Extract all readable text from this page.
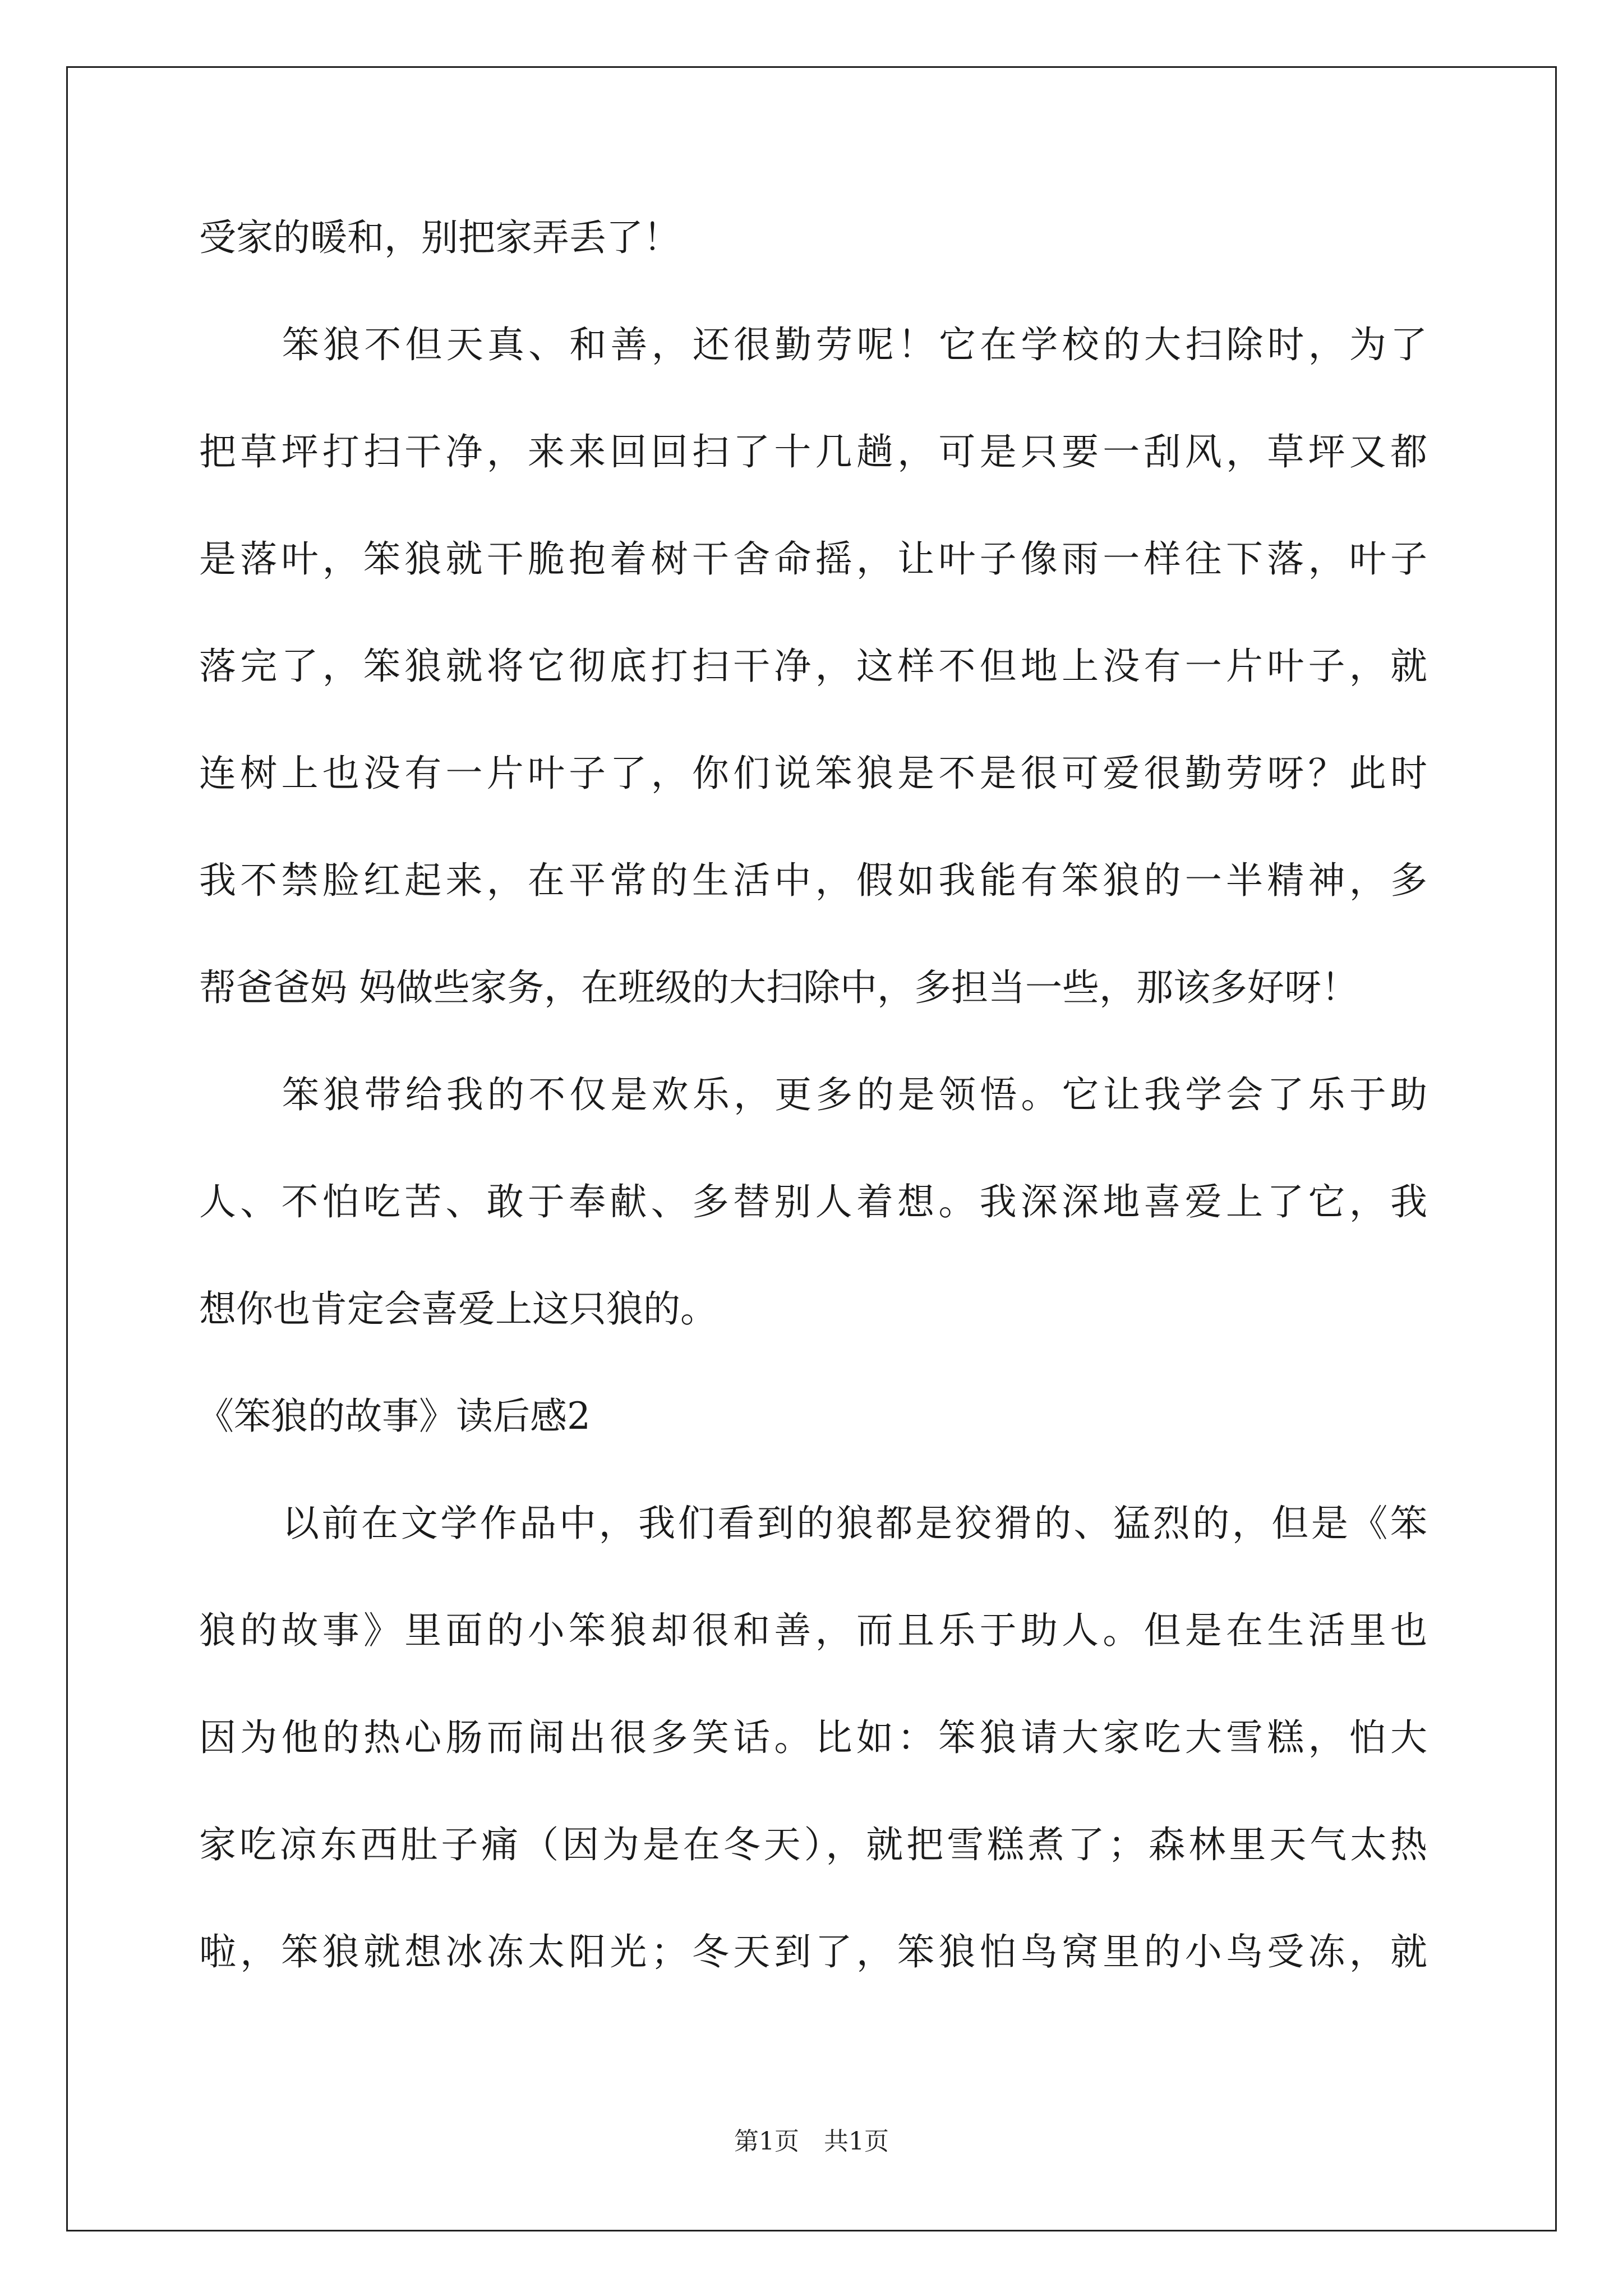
受家的暖和，别把家弄丢了！

笨狼不但天真、和善，还很勤劳呢！它在学校的大扫除时，为了

把草坪打扫干净，来来回回扫了十几趟，可是只要一刮风，草坪又都

是落叶，笨狼就干脆抱着树干舍命摇，让叶子像雨一样往下落，叶子

落完了，笨狼就将它彻底打扫干净，这样不但地上没有一片叶子，就

连树上也没有一片叶子了，你们说笨狼是不是很可爱很勤劳呀？此时

我不禁脸红起来，在平常的生活中，假如我能有笨狼的一半精神，多

帮爸爸妈 妈做些家务，在班级的大扫除中，多担当一些，那该多好呀！

笨狼带给我的不仅是欢乐，更多的是领悟。它让我学会了乐于助

人、不怕吃苦、敢于奉献、多替别人着想。我深深地喜爱上了它，我

想你也肯定会喜爱上这只狼的。

《笨狼的故事》读后感2

以前在文学作品中，我们看到的狼都是狡猾的、猛烈的，但是《笨

狼的故事》里面的小笨狼却很和善，而且乐于助人。但是在生活里也

因为他的热心肠而闹出很多笑话。比如：笨狼请大家吃大雪糕，怕大

家吃凉东西肚子痛（因为是在冬天），就把雪糕煮了；森林里天气太热

啦，笨狼就想冰冻太阳光；冬天到了，笨狼怕鸟窝里的小鸟受冻，就

第1页　共1页
